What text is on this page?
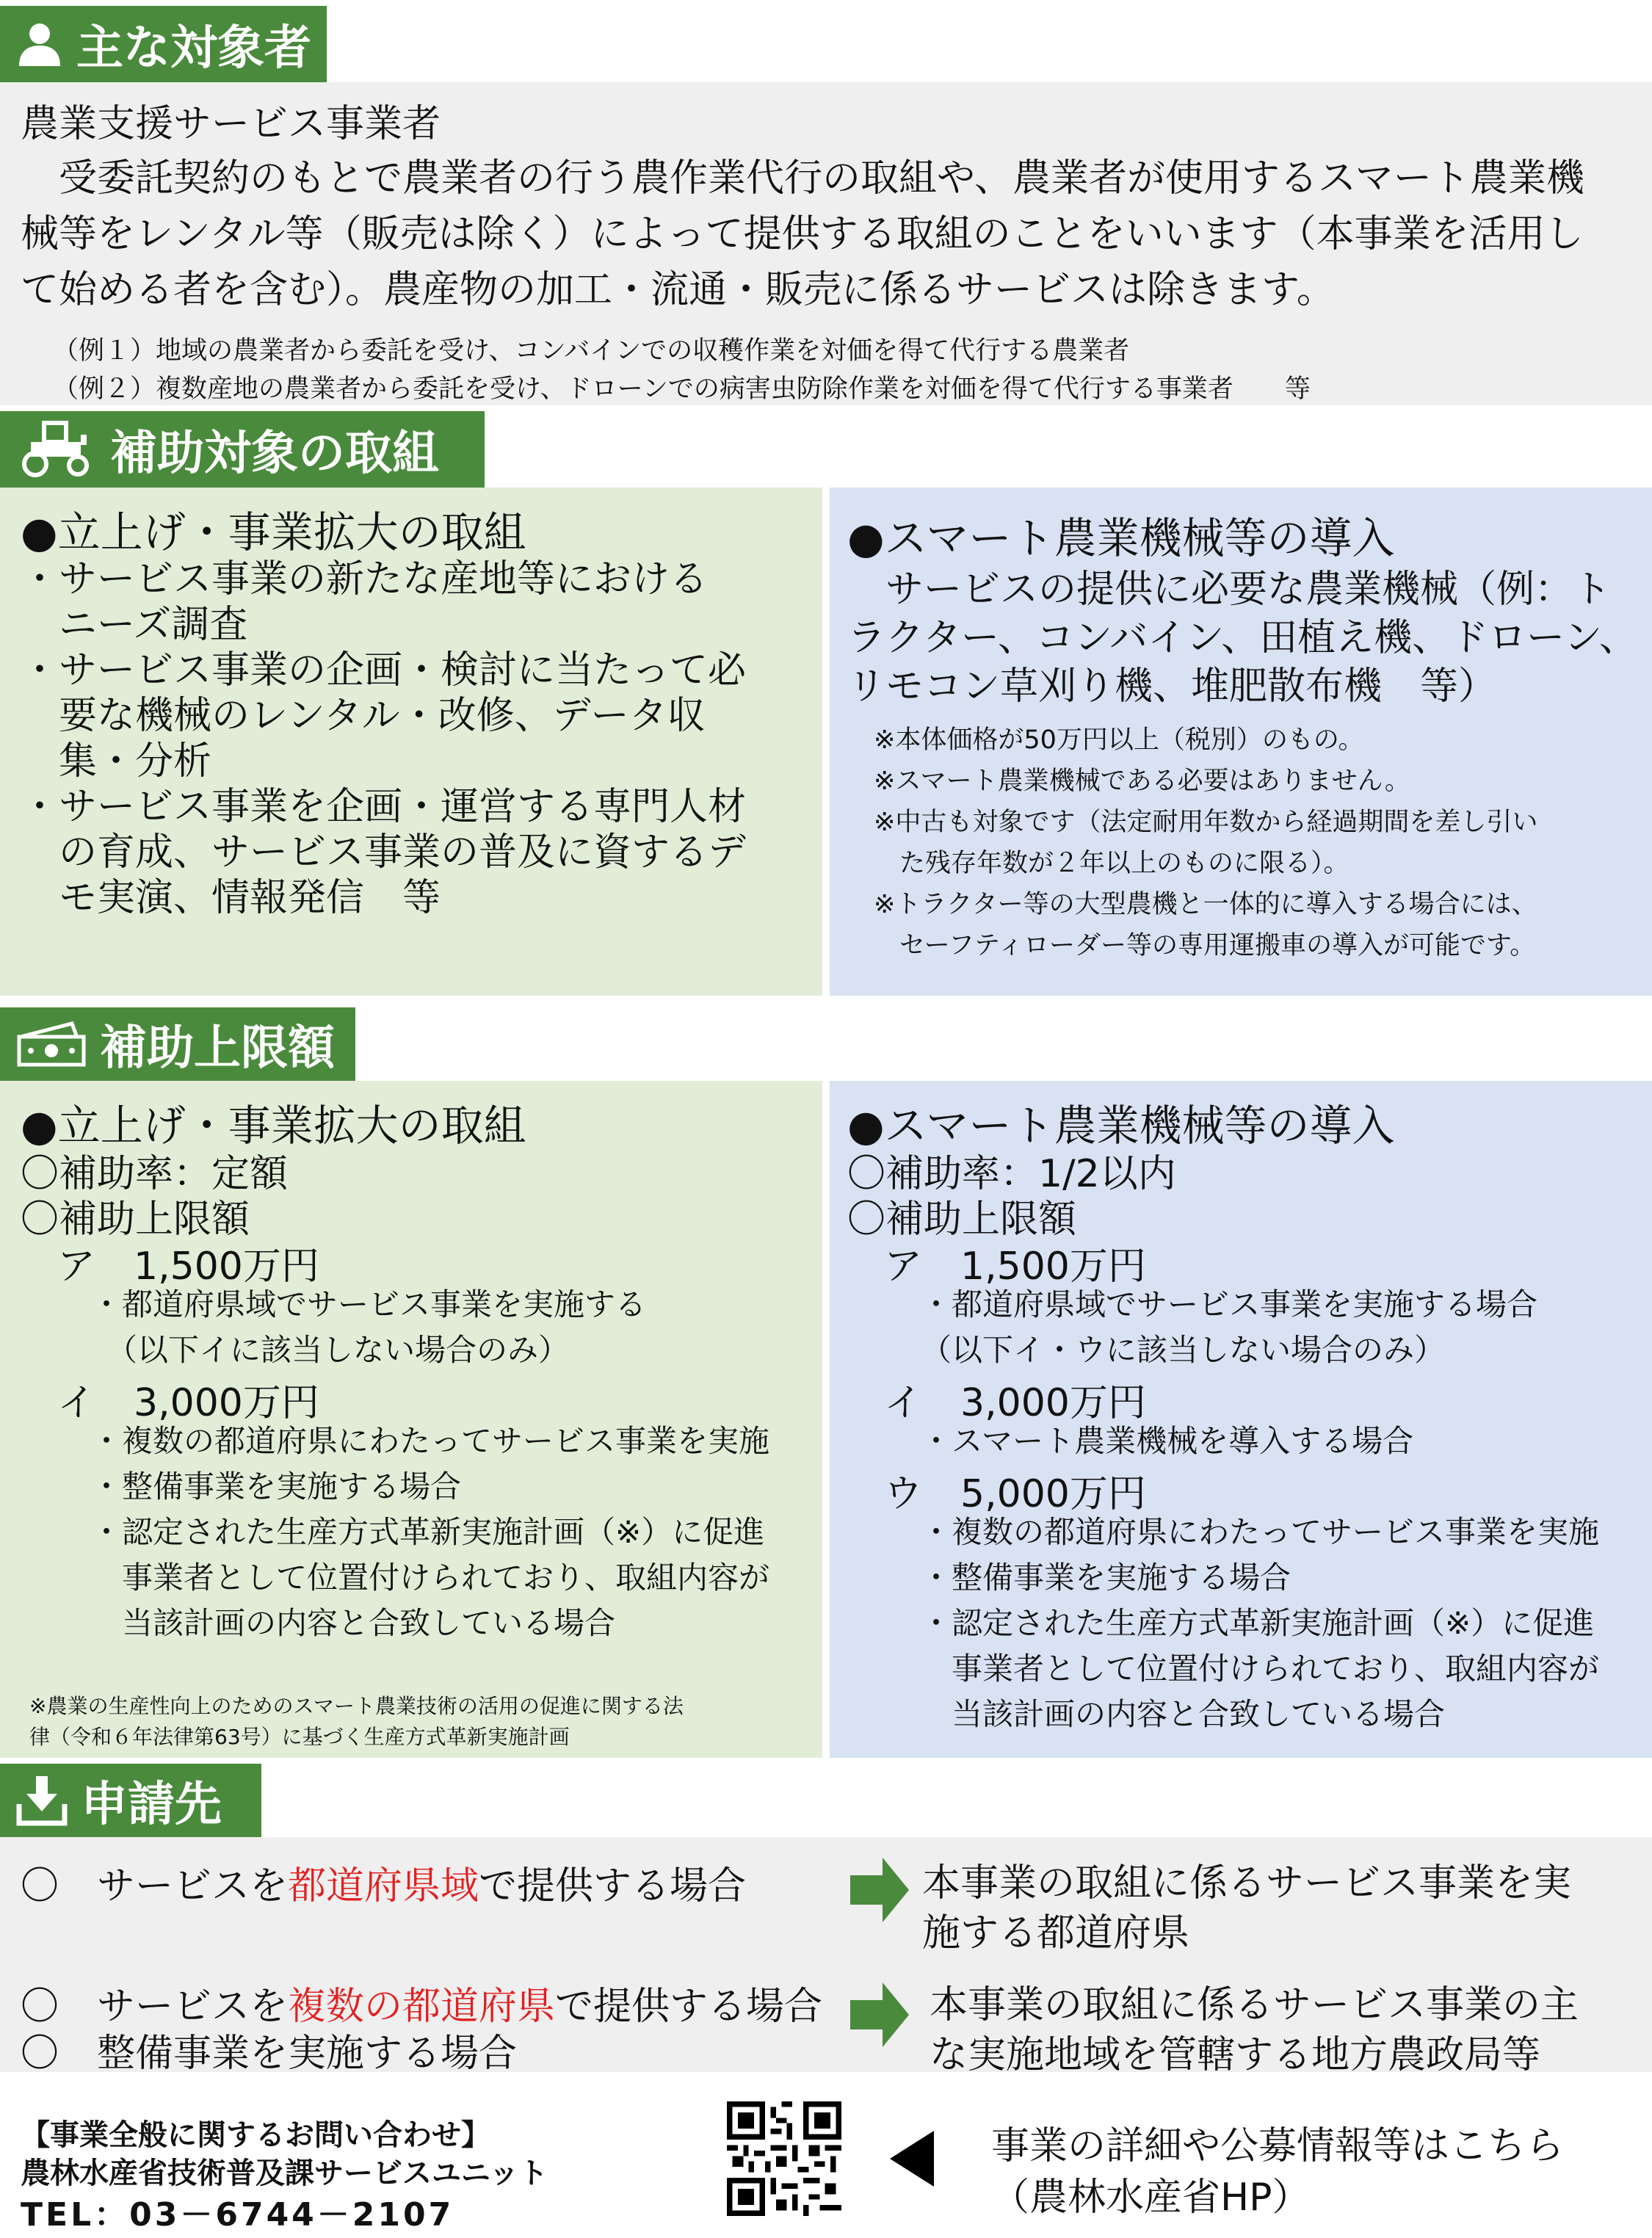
主な対象者
農業支援サービス事業者
　受委託契約のもとで農業者の行う農作業代行の取組や、農業者が使用するスマート農業機
械等をレンタル等（販売は除く）によって提供する取組のことをいいます（本事業を活用し
て始める者を含む）。農産物の加工・流通・販売に係るサービスは除きます。
（例１）地域の農業者から委託を受け、コンバインでの収穫作業を対価を得て代行する農業者
（例２）複数産地の農業者から委託を受け、ドローンでの病害虫防除作業を対価を得て代行する事業者　　等
補助対象の取組
●立上げ・事業拡大の取組
・サービス事業の新たな産地等における
　ニーズ調査
・サービス事業の企画・検討に当たって必
　要な機械のレンタル・改修、データ収
　集・分析
・サービス事業を企画・運営する専門人材
　の育成、サービス事業の普及に資するデ
　モ実演、情報発信　等
●スマート農業機械等の導入
　サービスの提供に必要な農業機械（例：ト
ラクター、コンバイン、田植え機、ドローン、
リモコン草刈り機、堆肥散布機　等）
※本体価格が50万円以上（税別）のもの。
※スマート農業機械である必要はありません。
※中古も対象です（法定耐用年数から経過期間を差し引い
　た残存年数が２年以上のものに限る）。
※トラクター等の大型農機と一体的に導入する場合には、
　セーフティローダー等の専用運搬車の導入が可能です。
補助上限額
●立上げ・事業拡大の取組
〇補助率：定額
〇補助上限額
ア　1,500万円
・都道府県域でサービス事業を実施する
　（以下イに該当しない場合のみ）
イ　3,000万円
・複数の都道府県にわたってサービス事業を実施
・整備事業を実施する場合
・認定された生産方式革新実施計画（※）に促進
　事業者として位置付けられており、取組内容が
　当該計画の内容と合致している場合
※農業の生産性向上のためのスマート農業技術の活用の促進に関する法
律（令和６年法律第63号）に基づく生産方式革新実施計画
●スマート農業機械等の導入
〇補助率：1/2以内
〇補助上限額
ア　1,500万円
・都道府県域でサービス事業を実施する場合
（以下イ・ウに該当しない場合のみ）
イ　3,000万円
・スマート農業機械を導入する場合
ウ　5,000万円
・複数の都道府県にわたってサービス事業を実施
・整備事業を実施する場合
・認定された生産方式革新実施計画（※）に促進
　事業者として位置付けられており、取組内容が
　当該計画の内容と合致している場合
申請先
〇　サービスを都道府県域で提供する場合	本事業の取組に係るサービス事業を実
施する都道府県
〇　サービスを複数の都道府県で提供する場合
〇　整備事業を実施する場合
本事業の取組に係るサービス事業の主
な実施地域を管轄する地方農政局等
【事業全般に関するお問い合わせ】
農林水産省技術普及課サービスユニット
TEL：03－6744－2107
事業の詳細や公募情報等はこちら
（農林水産省HP）
